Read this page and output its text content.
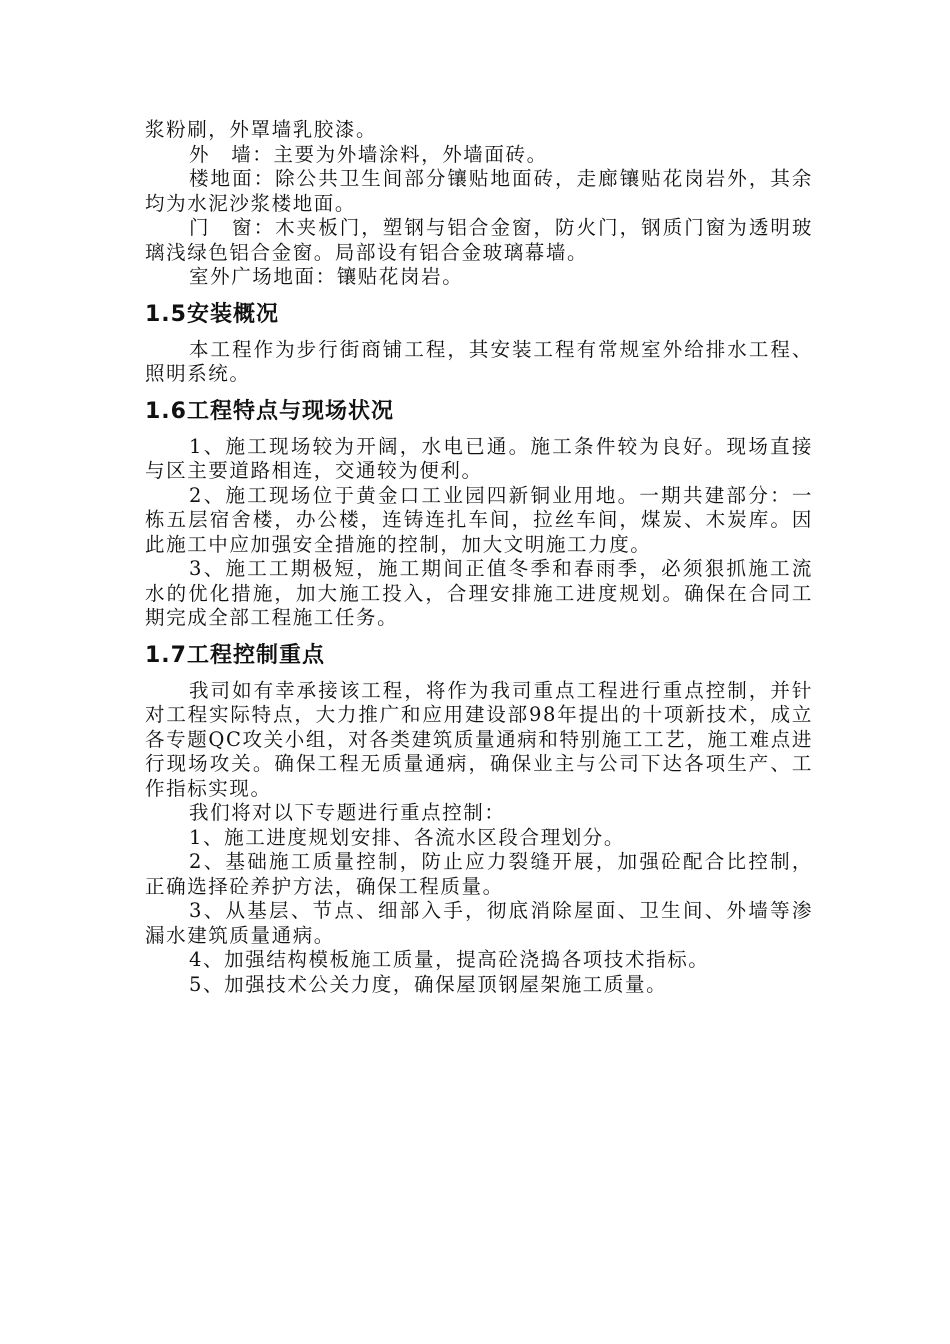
浆粉刷，外罩墙乳胶漆。

外　墙：主要为外墙涂料，外墙面砖。

楼地面：除公共卫生间部分镶贴地面砖，走廊镶贴花岗岩外，其余均为水泥沙浆楼地面。

门　窗：木夹板门，塑钢与铝合金窗，防火门，钢质门窗为透明玻璃浅绿色铝合金窗。局部设有铝合金玻璃幕墙。

室外广场地面：镶贴花岗岩。

1.5安装概况

本工程作为步行街商铺工程，其安装工程有常规室外给排水工程、照明系统。

1.6工程特点与现场状况

1、施工现场较为开阔，水电已通。施工条件较为良好。现场直接与区主要道路相连，交通较为便利。

2、施工现场位于黄金口工业园四新铜业用地。一期共建部分：一栋五层宿舍楼，办公楼，连铸连扎车间，拉丝车间，煤炭、木炭库。因此施工中应加强安全措施的控制，加大文明施工力度。

3、施工工期极短，施工期间正值冬季和春雨季，必须狠抓施工流水的优化措施，加大施工投入，合理安排施工进度规划。确保在合同工期完成全部工程施工任务。

1.7工程控制重点

我司如有幸承接该工程，将作为我司重点工程进行重点控制，并针对工程实际特点，大力推广和应用建设部98年提出的十项新技术，成立各专题QC攻关小组，对各类建筑质量通病和特别施工工艺，施工难点进行现场攻关。确保工程无质量通病，确保业主与公司下达各项生产、工作指标实现。

我们将对以下专题进行重点控制：

1、施工进度规划安排、各流水区段合理划分。

2、基础施工质量控制，防止应力裂缝开展，加强砼配合比控制，正确选择砼养护方法，确保工程质量。

3、从基层、节点、细部入手，彻底消除屋面、卫生间、外墙等渗漏水建筑质量通病。

4、加强结构模板施工质量，提高砼浇捣各项技术指标。

5、加强技术公关力度，确保屋顶钢屋架施工质量。
